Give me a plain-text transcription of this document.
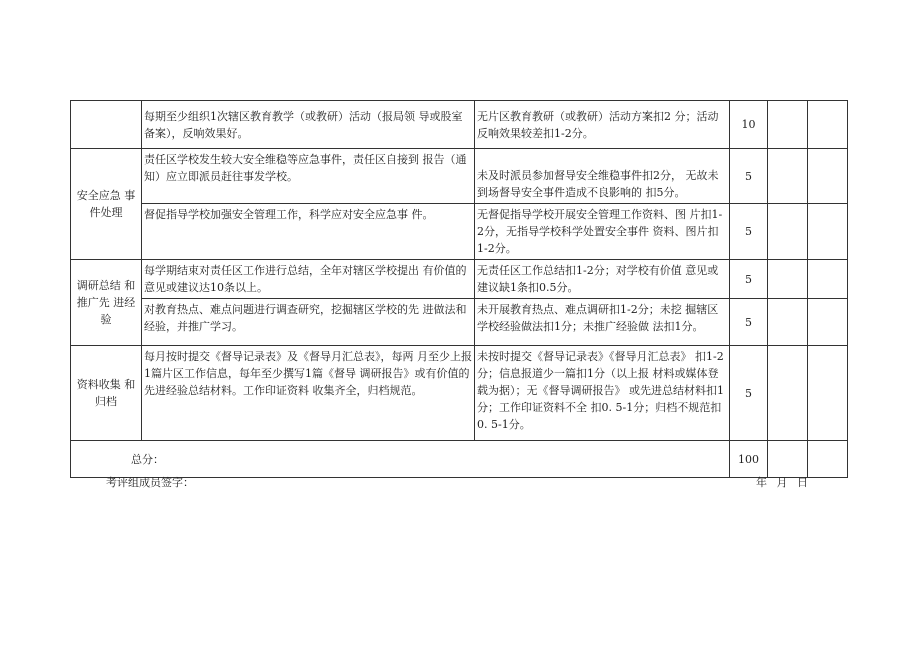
	每期至少组织1次辖区教育教学（或教研）活动（报局领 导或股室备案），反响效果好。	无片区教育教研（或教研）活动方案扣2 分；活动反响效果较差扣1-2分。	10		
安全应急 事件处理	责任区学校发生较大安全维稳等应急事件，责任区自接到 报告（通知）应立即派员赶往事发学校。	未及时派员参加督导安全维稳事件扣2分， 无故未到场督导安全事件造成不良影响的 扣5分。	5		
	督促指导学校加强安全管理工作，科学应对安全应急事 件。	无督促指导学校开展安全管理工作资料、图 片扣1-2分，无指导学校科学处置安全事件 资料、图片扣1-2分。	5		
调研总结 和推广先 进经验	每学期结束对责任区工作进行总结，全年对辖区学校提出 有价值的意见或建议达10条以上。	无责任区工作总结扣1-2分；对学校有价值 意见或建议缺1条扣0.5分。	5		
	对教育热点、难点问题进行调查研究，挖掘辖区学校的先 进做法和经验，并推广学习。	未开展教育热点、难点调研扣1-2分；未挖 掘辖区学校经验做法扣1分；未推广经验做 法扣1分。	5		
资料收集 和 归档	每月按时提交《督导记录表》及《督导月汇总表》，每两 月至少上报1篇片区工作信息，每年至少撰写1篇《督导 调研报告》或有价值的先进经验总结材料。工作印证资料 收集齐全，归档规范。	未按时提交《督导记录表》《督导月汇总表》 扣1-2分；信息报道少一篇扣1分（以上报 材料或媒体登载为据）；无《督导调研报告》 或先进总结材料扣1分；工作印证资料不全 扣0. 5-1分；归档不规范扣0. 5-1分。	5		
总分：			100		
考评组成员签字：	年 月 日
